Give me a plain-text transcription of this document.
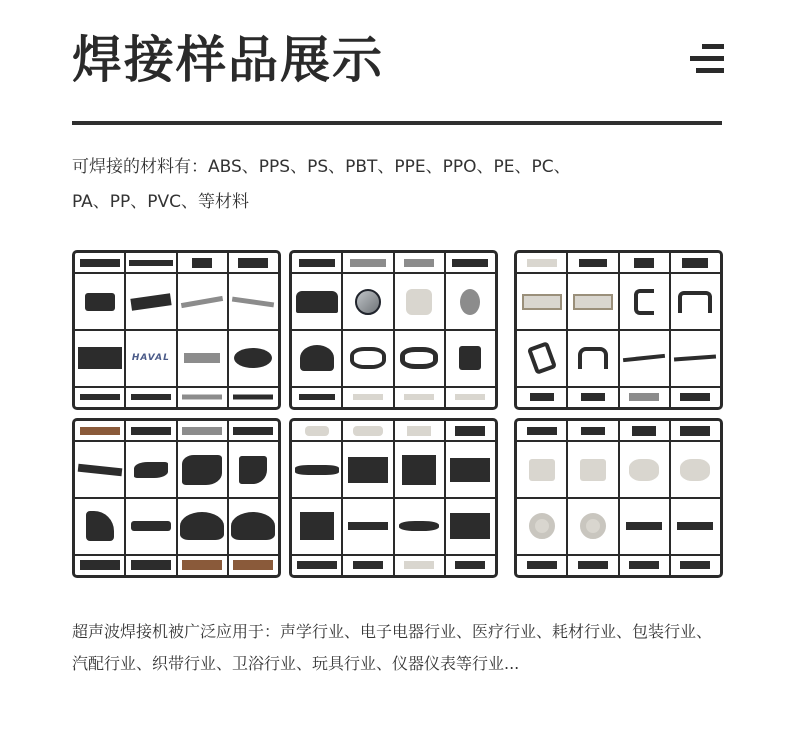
焊接样品展示
可焊接的材料有：ABS、PPS、PS、PBT、PPE、PPO、PE、PC、
PA、PP、PVC、等材料
HAVAL
超声波焊接机被广泛应用于：声学行业、电子电器行业、医疗行业、耗材行业、包装行业、
汽配行业、织带行业、卫浴行业、玩具行业、仪器仪表等行业...
